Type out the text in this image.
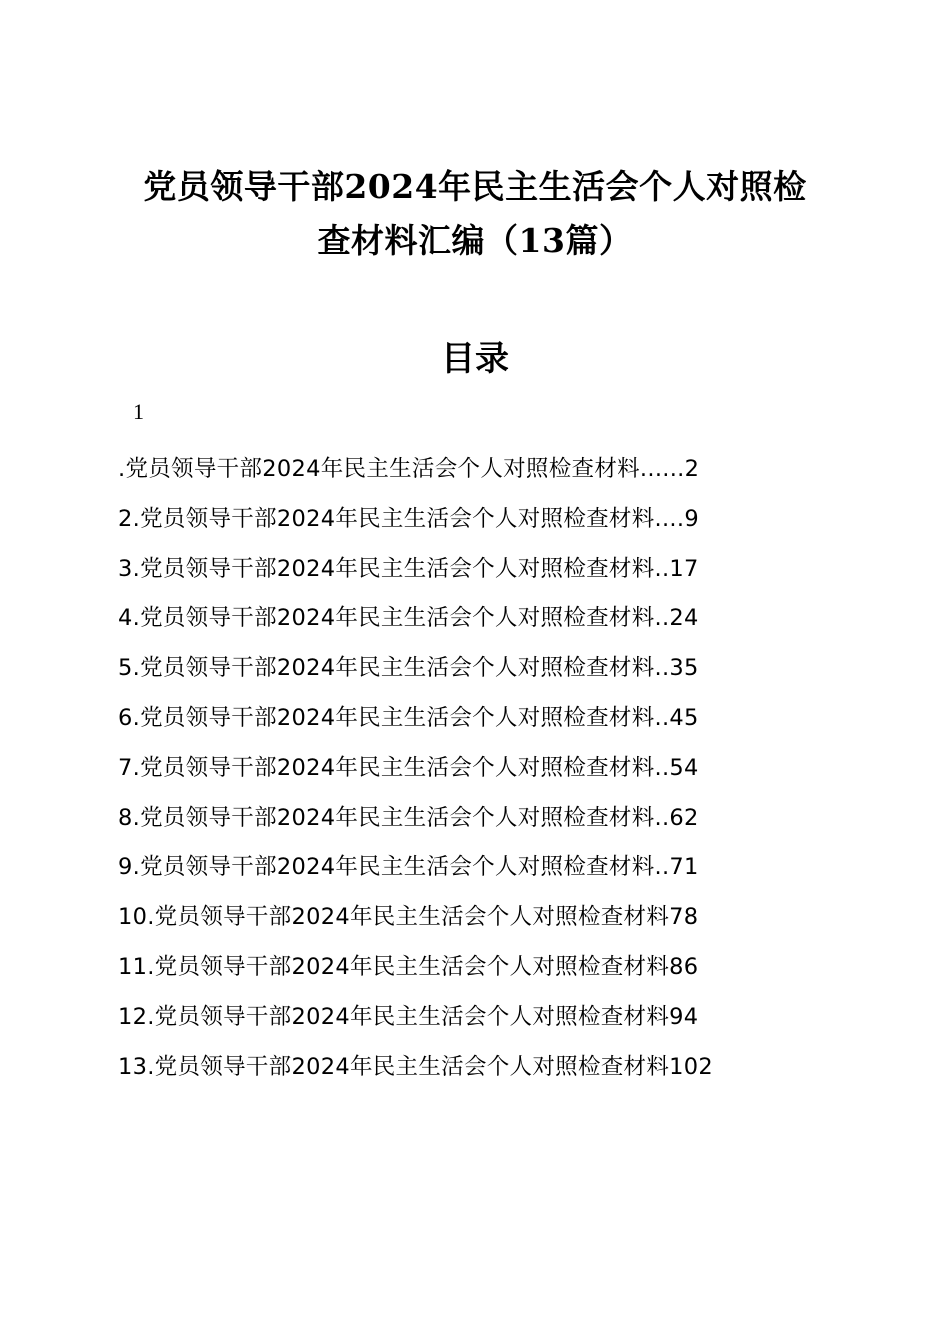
党员领导干部2024年民主生活会个人对照检
查材料汇编（13篇）
目录
1
.党员领导干部2024年民主生活会个人对照检查材料......2
2.党员领导干部2024年民主生活会个人对照检查材料....9
3.党员领导干部2024年民主生活会个人对照检查材料..17
4.党员领导干部2024年民主生活会个人对照检查材料..24
5.党员领导干部2024年民主生活会个人对照检查材料..35
6.党员领导干部2024年民主生活会个人对照检查材料..45
7.党员领导干部2024年民主生活会个人对照检查材料..54
8.党员领导干部2024年民主生活会个人对照检查材料..62
9.党员领导干部2024年民主生活会个人对照检查材料..71
10.党员领导干部2024年民主生活会个人对照检查材料78
11.党员领导干部2024年民主生活会个人对照检查材料86
12.党员领导干部2024年民主生活会个人对照检查材料94
13.党员领导干部2024年民主生活会个人对照检查材料102
